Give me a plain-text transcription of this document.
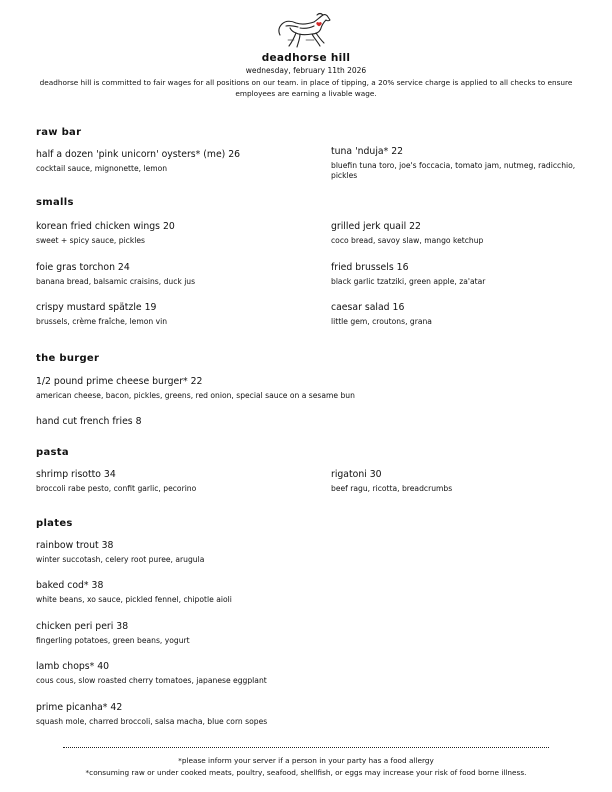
deadhorse hill
wednesday, february 11th 2026
deadhorse hill is committed to fair wages for all positions on our team. in place of tipping, a 20% service charge is applied to all checks to ensure employees are earning a livable wage.
raw bar
half a dozen 'pink unicorn' oysters* (me) 26
cocktail sauce, mignonette, lemon
tuna 'nduja* 22
bluefin tuna toro, joe's foccacia, tomato jam, nutmeg, radicchio, pickles
smalls
korean fried chicken wings 20
sweet + spicy sauce, pickles
grilled jerk quail 22
coco bread, savoy slaw, mango ketchup
foie gras torchon 24
banana bread, balsamic craisins, duck jus
fried brussels 16
black garlic tzatziki, green apple, za'atar
crispy mustard spätzle 19
brussels, crème fraîche, lemon vin
caesar salad 16
little gem, croutons, grana
the burger
1/2 pound prime cheese burger* 22
american cheese, bacon, pickles, greens, red onion, special sauce on a sesame bun
hand cut french fries 8
pasta
shrimp risotto 34
broccoli rabe pesto, confit garlic, pecorino
rigatoni 30
beef ragu, ricotta, breadcrumbs
plates
rainbow trout 38
winter succotash, celery root puree, arugula
baked cod* 38
white beans, xo sauce, pickled fennel, chipotle aioli
chicken peri peri 38
fingerling potatoes, green beans, yogurt
lamb chops* 40
cous cous, slow roasted cherry tomatoes, japanese eggplant
prime picanha* 42
squash mole, charred broccoli, salsa macha, blue corn sopes
*please inform your server if a person in your party has a food allergy
*consuming raw or under cooked meats, poultry, seafood, shellfish, or eggs may increase your risk of food borne illness.
